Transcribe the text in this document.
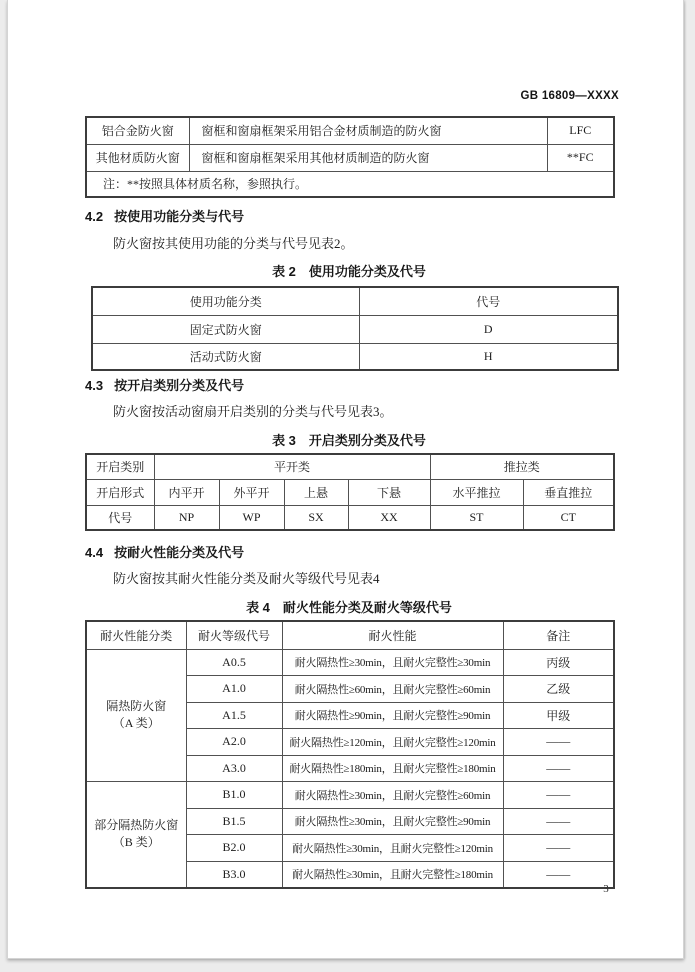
GB 16809—XXXX
铝合金防火窗	窗框和窗扇框架采用铝合金材质制造的防火窗	LFC
其他材质防火窗	窗框和窗扇框架采用其他材质制造的防火窗	**FC
注：**按照具体材质名称，参照执行。		
4.2 按使用功能分类与代号
防火窗按其使用功能的分类与代号见表2。
表 2 使用功能分类及代号
使用功能分类	代号
固定式防火窗	D
活动式防火窗	H
4.3 按开启类别分类及代号
防火窗按活动窗扇开启类别的分类与代号见表3。
表 3 开启类别分类及代号
开启类别	平开类				推拉类	
开启形式	内平开	外平开	上悬	下悬	水平推拉	垂直推拉
代号	NP	WP	SX	XX	ST	CT
4.4 按耐火性能分类及代号
防火窗按其耐火性能分类及耐火等级代号见表4
表 4 耐火性能分类及耐火等级代号
耐火性能分类	耐火等级代号	耐火性能	备注

隔热防火窗
（A 类）	A0.5	耐火隔热性≥30min，且耐火完整性≥30min	丙级
	A1.0	耐火隔热性≥60min，且耐火完整性≥60min	乙级
	A1.5	耐火隔热性≥90min，且耐火完整性≥90min	甲级
	A2.0	耐火隔热性≥120min，且耐火完整性≥120min	——
	A3.0	耐火隔热性≥180min，且耐火完整性≥180min	——

部分隔热防火窗
（B 类）	B1.0	耐火隔热性≥30min，且耐火完整性≥60min	——
	B1.5	耐火隔热性≥30min，且耐火完整性≥90min	——
	B2.0	耐火隔热性≥30min，且耐火完整性≥120min	——
	B3.0	耐火隔热性≥30min，且耐火完整性≥180min	——
3
